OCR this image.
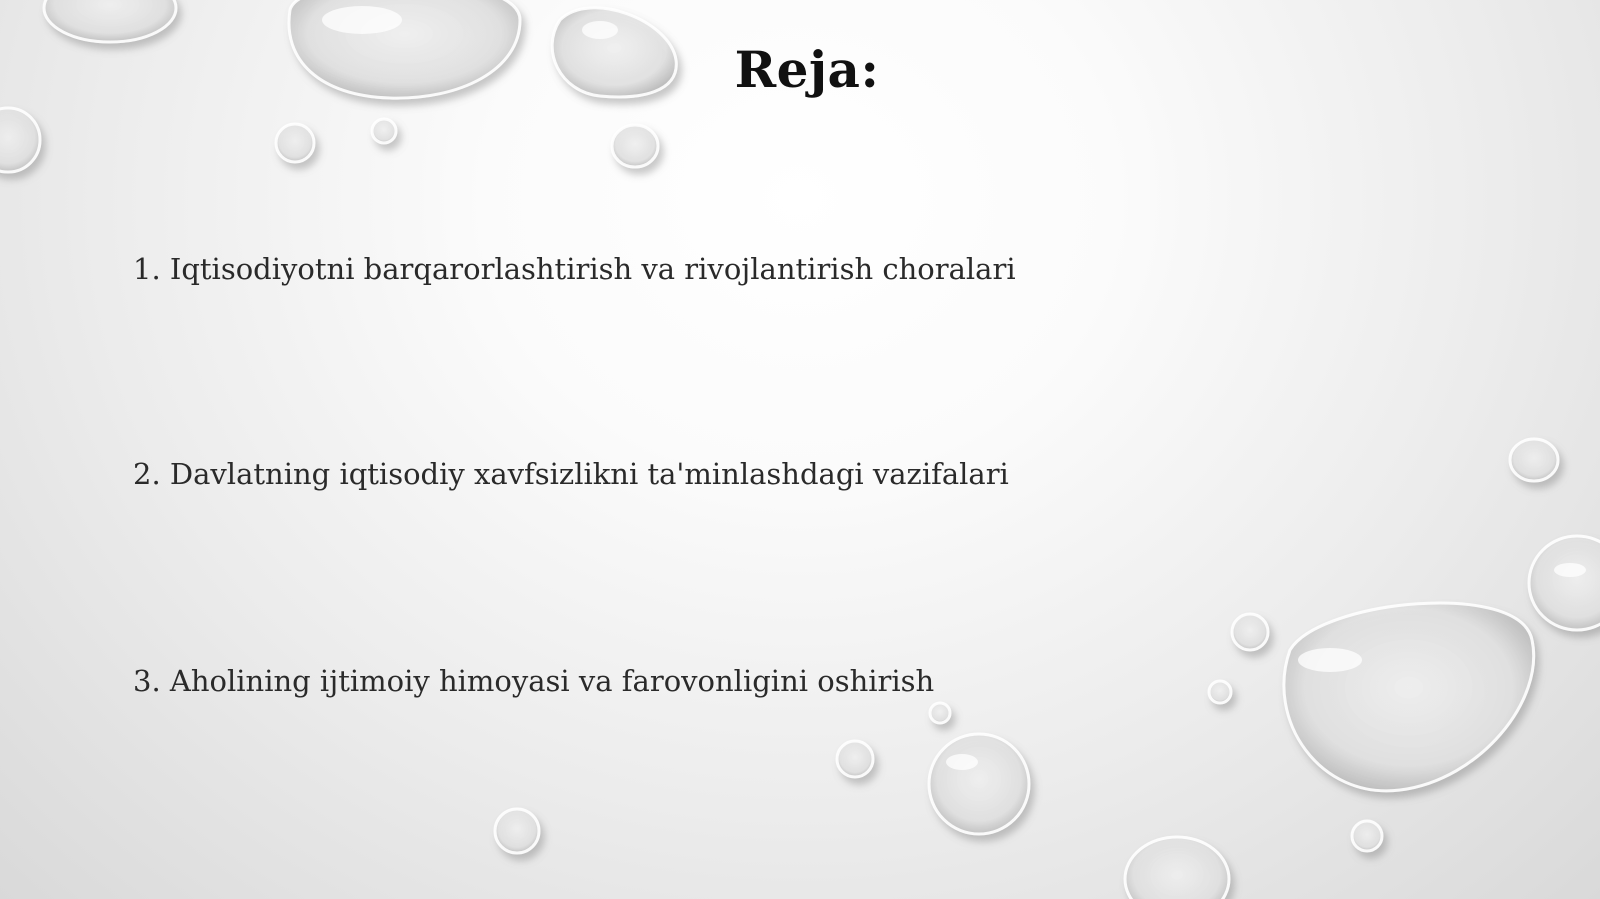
Reja:
1. Iqtisodiyotni barqarorlashtirish va rivojlantirish choralari
2. Davlatning iqtisodiy xavfsizlikni ta'minlashdagi vazifalari
3. Aholining ijtimoiy himoyasi va farovonligini oshirish
